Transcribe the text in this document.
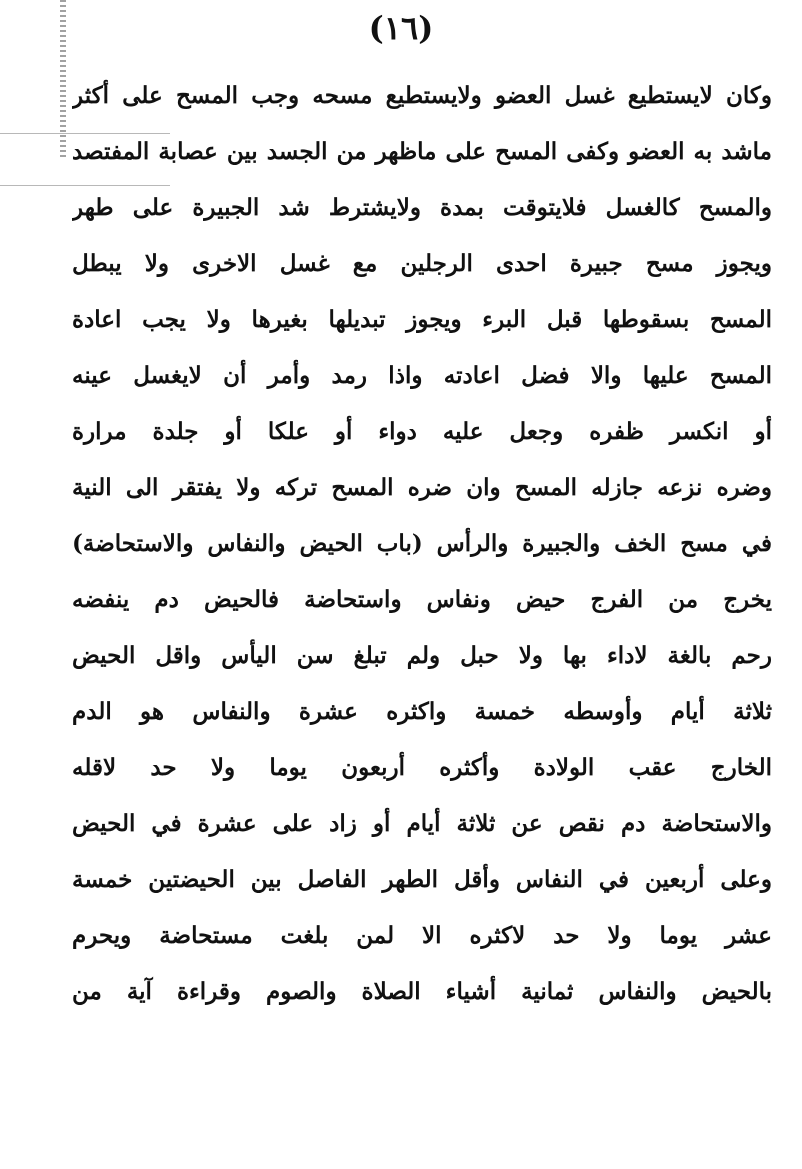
(١٦)
وكان لايستطيع غسل العضو ولايستطيع مسحه وجب المسح على أكثر
ماشد به العضو وكفى المسح على ماظهر من الجسد بين عصابة المفتصد
والمسح كالغسل فلايتوقت بمدة ولايشترط شد الجبيرة على طهر
ويجوز مسح جبيرة احدى الرجلين مع غسل الاخرى ولا يبطل
المسح بسقوطها قبل البرء ويجوز تبديلها بغيرها ولا يجب اعادة
المسح عليها والا فضل اعادته واذا رمد وأمر أن لايغسل عينه
أو انكسر ظفره وجعل عليه دواء أو علكا أو جلدة مرارة
وضره نزعه جازله المسح وان ضره المسح تركه ولا يفتقر الى النية
في مسح الخف والجبيرة والرأس (باب الحيض والنفاس والاستحاضة)
يخرج من الفرج حيض ونفاس واستحاضة فالحيض دم ينفضه
رحم بالغة لاداء بها ولا حبل ولم تبلغ سن اليأس واقل الحيض
ثلاثة أيام وأوسطه خمسة واكثره عشرة والنفاس هو الدم
الخارج عقب الولادة وأكثره أربعون يوما ولا حد لاقله
والاستحاضة دم نقص عن ثلاثة أيام أو زاد على عشرة في الحيض
وعلى أربعين في النفاس وأقل الطهر الفاصل بين الحيضتين خمسة
عشر يوما ولا حد لاكثره الا لمن بلغت مستحاضة ويحرم
بالحيض والنفاس ثمانية أشياء الصلاة والصوم وقراءة آية من
